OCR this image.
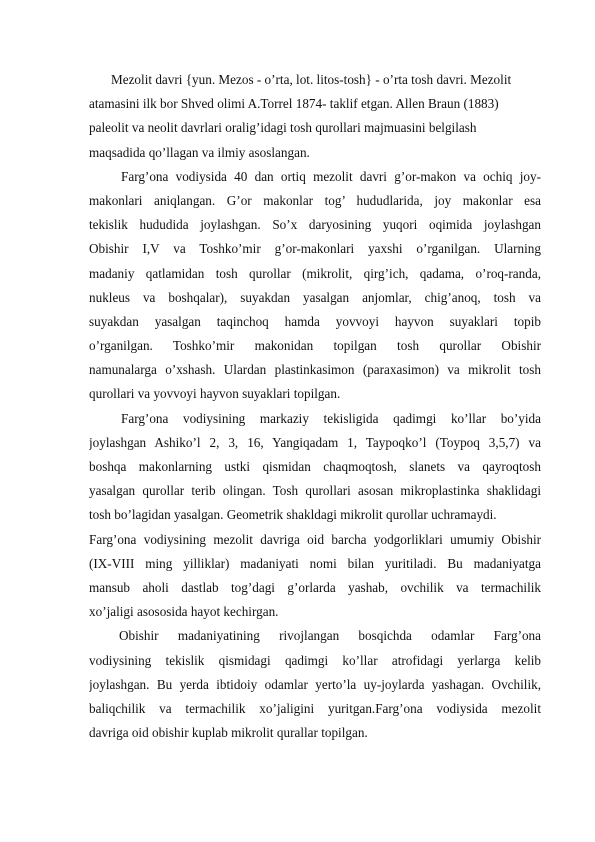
Mezolit davri {yun. Mezos - o’rta, lot. litos-tosh} - o’rta tosh davri. Mezolit
atamasini ilk bor Shved olimi A.Torrel 1874- taklif etgan. Allen Braun (1883)
paleolit va neolit davrlari oralig’idagi tosh qurollari majmuasini belgilash
maqsadida qo’llagan va ilmiy asoslangan.
Farg’ona vodiysida 40 dan ortiq mezolit davri g’or-makon va ochiq joy-
makonlari aniqlangan. G’or makonlar tog’ hududlarida, joy makonlar esa
tekislik hududida joylashgan. So’x daryosining yuqori oqimida joylashgan
Obishir I,V va Toshko’mir g’or-makonlari yaxshi o’rganilgan. Ularning
madaniy qatlamidan tosh qurollar (mikrolit, qirg’ich, qadama, o’roq-randa,
nukleus va boshqalar), suyakdan yasalgan anjomlar, chig’anoq, tosh va
suyakdan yasalgan taqinchoq hamda yovvoyi hayvon suyaklari topib
o’rganilgan. Toshko’mir makonidan topilgan tosh qurollar Obishir
namunalarga o’xshash. Ulardan plastinkasimon (paraxasimon) va mikrolit tosh
qurollari va yovvoyi hayvon suyaklari topilgan.
Farg’ona vodiysining markaziy tekisligida qadimgi ko’llar bo’yida
joylashgan Ashiko’l 2, 3, 16, Yangiqadam 1, Taypoqko’l (Toypoq 3,5,7) va
boshqa makonlarning ustki qismidan chaqmoqtosh, slanets va qayroqtosh
yasalgan qurollar terib olingan. Tosh qurollari asosan mikroplastinka shaklidagi
tosh bo’lagidan yasalgan. Geometrik shakldagi mikrolit qurollar uchramaydi.
Farg’ona vodiysining mezolit davriga oid barcha yodgorliklari umumiy Obishir
(IX-VIII ming yilliklar) madaniyati nomi bilan yuritiladi. Bu madaniyatga
mansub aholi dastlab tog’dagi g’orlarda yashab, ovchilik va termachilik
xo’jaligi asososida hayot kechirgan.
Obishir madaniyatining rivojlangan bosqichda odamlar Farg’ona
vodiysining tekislik qismidagi qadimgi ko’llar atrofidagi yerlarga kelib
joylashgan. Bu yerda ibtidoiy odamlar yerto’la uy-joylarda yashagan. Ovchilik,
baliqchilik va termachilik xo’jaligini yuritgan.Farg’ona vodiysida mezolit
davriga oid obishir kuplab mikrolit qurallar topilgan.
